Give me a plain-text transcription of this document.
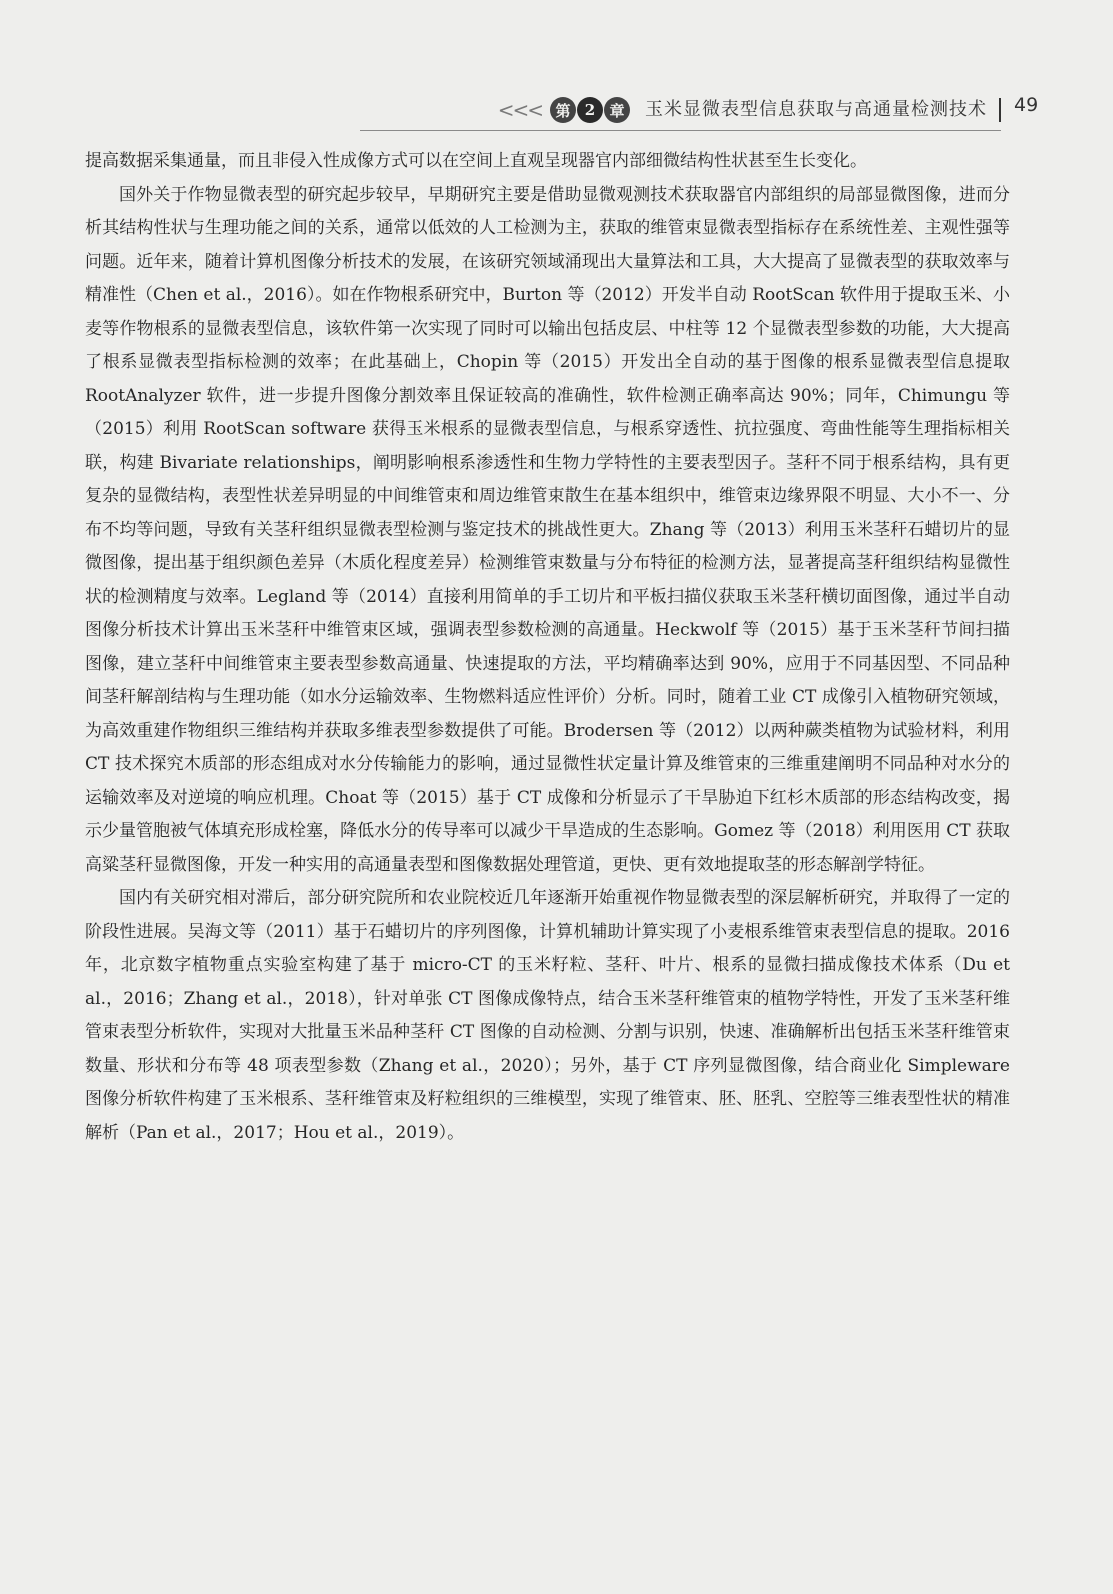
<<< 第 2 章	玉米显微表型信息获取与高通量检测技术	49

提高数据采集通量，而且非侵入性成像方式可以在空间上直观呈现器官内部细微结构性状甚至生长变化。

国外关于作物显微表型的研究起步较早，早期研究主要是借助显微观测技术获取器官内部组织的局部显微图像，进而分析其结构性状与生理功能之间的关系，通常以低效的人工检测为主，获取的维管束显微表型指标存在系统性差、主观性强等问题。近年来，随着计算机图像分析技术的发展，在该研究领域涌现出大量算法和工具，大大提高了显微表型的获取效率与精准性（Chen et al.，2016）。如在作物根系研究中，Burton 等（2012）开发半自动 RootScan 软件用于提取玉米、小麦等作物根系的显微表型信息，该软件第一次实现了同时可以输出包括皮层、中柱等 12 个显微表型参数的功能，大大提高了根系显微表型指标检测的效率；在此基础上，Chopin 等（2015）开发出全自动的基于图像的根系显微表型信息提取 RootAnalyzer 软件，进一步提升图像分割效率且保证较高的准确性，软件检测正确率高达 90%；同年，Chimungu 等（2015）利用 RootScan software 获得玉米根系的显微表型信息，与根系穿透性、抗拉强度、弯曲性能等生理指标相关联，构建 Bivariate relationships，阐明影响根系渗透性和生物力学特性的主要表型因子。茎秆不同于根系结构，具有更复杂的显微结构，表型性状差异明显的中间维管束和周边维管束散生在基本组织中，维管束边缘界限不明显、大小不一、分布不均等问题，导致有关茎秆组织显微表型检测与鉴定技术的挑战性更大。Zhang 等（2013）利用玉米茎秆石蜡切片的显微图像，提出基于组织颜色差异（木质化程度差异）检测维管束数量与分布特征的检测方法，显著提高茎秆组织结构显微性状的检测精度与效率。Legland 等（2014）直接利用简单的手工切片和平板扫描仪获取玉米茎秆横切面图像，通过半自动图像分析技术计算出玉米茎秆中维管束区域，强调表型参数检测的高通量。Heckwolf 等（2015）基于玉米茎秆节间扫描图像，建立茎秆中间维管束主要表型参数高通量、快速提取的方法，平均精确率达到 90%，应用于不同基因型、不同品种间茎秆解剖结构与生理功能（如水分运输效率、生物燃料适应性评价）分析。同时，随着工业 CT 成像引入植物研究领域，为高效重建作物组织三维结构并获取多维表型参数提供了可能。Brodersen 等（2012）以两种蕨类植物为试验材料，利用 CT 技术探究木质部的形态组成对水分传输能力的影响，通过显微性状定量计算及维管束的三维重建阐明不同品种对水分的运输效率及对逆境的响应机理。Choat 等（2015）基于 CT 成像和分析显示了干旱胁迫下红杉木质部的形态结构改变，揭示少量管胞被气体填充形成栓塞，降低水分的传导率可以减少干旱造成的生态影响。Gomez 等（2018）利用医用 CT 获取高粱茎秆显微图像，开发一种实用的高通量表型和图像数据处理管道，更快、更有效地提取茎的形态解剖学特征。

国内有关研究相对滞后，部分研究院所和农业院校近几年逐渐开始重视作物显微表型的深层解析研究，并取得了一定的阶段性进展。吴海文等（2011）基于石蜡切片的序列图像，计算机辅助计算实现了小麦根系维管束表型信息的提取。2016 年，北京数字植物重点实验室构建了基于 micro-CT 的玉米籽粒、茎秆、叶片、根系的显微扫描成像技术体系（Du et al.，2016；Zhang et al.，2018），针对单张 CT 图像成像特点，结合玉米茎秆维管束的植物学特性，开发了玉米茎秆维管束表型分析软件，实现对大批量玉米品种茎秆 CT 图像的自动检测、分割与识别，快速、准确解析出包括玉米茎秆维管束数量、形状和分布等 48 项表型参数（Zhang et al.，2020）；另外，基于 CT 序列显微图像，结合商业化 Simpleware 图像分析软件构建了玉米根系、茎秆维管束及籽粒组织的三维模型，实现了维管束、胚、胚乳、空腔等三维表型性状的精准解析（Pan et al.，2017；Hou et al.，2019）。
